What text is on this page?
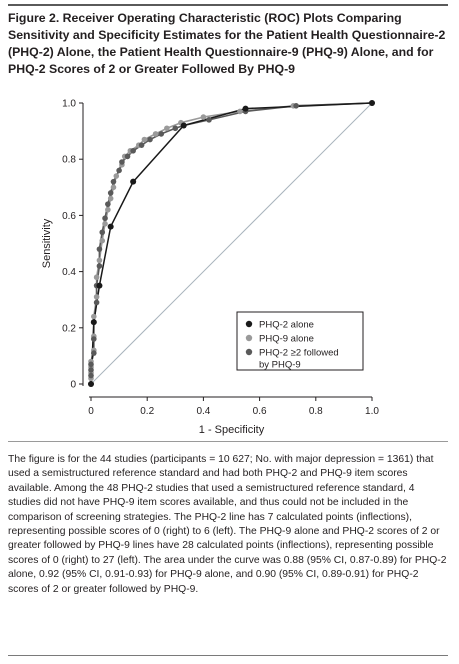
Figure 2. Receiver Operating Characteristic (ROC) Plots Comparing Sensitivity and Specificity Estimates for the Patient Health Questionnaire-2 (PHQ-2) Alone, the Patient Health Questionnaire-9 (PHQ-9) Alone, and for PHQ-2 Scores of 2 or Greater Followed By PHQ-9
0
0.2
0.4
0.6
0.8
1.0
0	0.2	0.4	0.6	0.8	1.0
1 - Specificity
Sensitivity
PHQ-2 alone
PHQ-9 alone
PHQ-2 ≥2 followed
by PHQ-9
The figure is for the 44 studies (participants = 10 627; No. with major depression = 1361) that used a semistructured reference standard and had both PHQ-2 and PHQ-9 item scores available. Among the 48 PHQ-2 studies that used a semistructured reference standard, 4 studies did not have PHQ-9 item scores available, and thus could not be included in the comparison of screening strategies. The PHQ-2 line has 7 calculated points (inflections), representing possible scores of 0 (right) to 6 (left). The PHQ-9 alone and PHQ-2 scores of 2 or greater followed by PHQ-9 lines have 28 calculated points (inflections), representing possible scores of 0 (right) to 27 (left). The area under the curve was 0.88 (95% CI, 0.87-0.89) for PHQ-2 alone, 0.92 (95% CI, 0.91-0.93) for PHQ-9 alone, and 0.90 (95% CI, 0.89-0.91) for PHQ-2 scores of 2 or greater followed by PHQ-9.
